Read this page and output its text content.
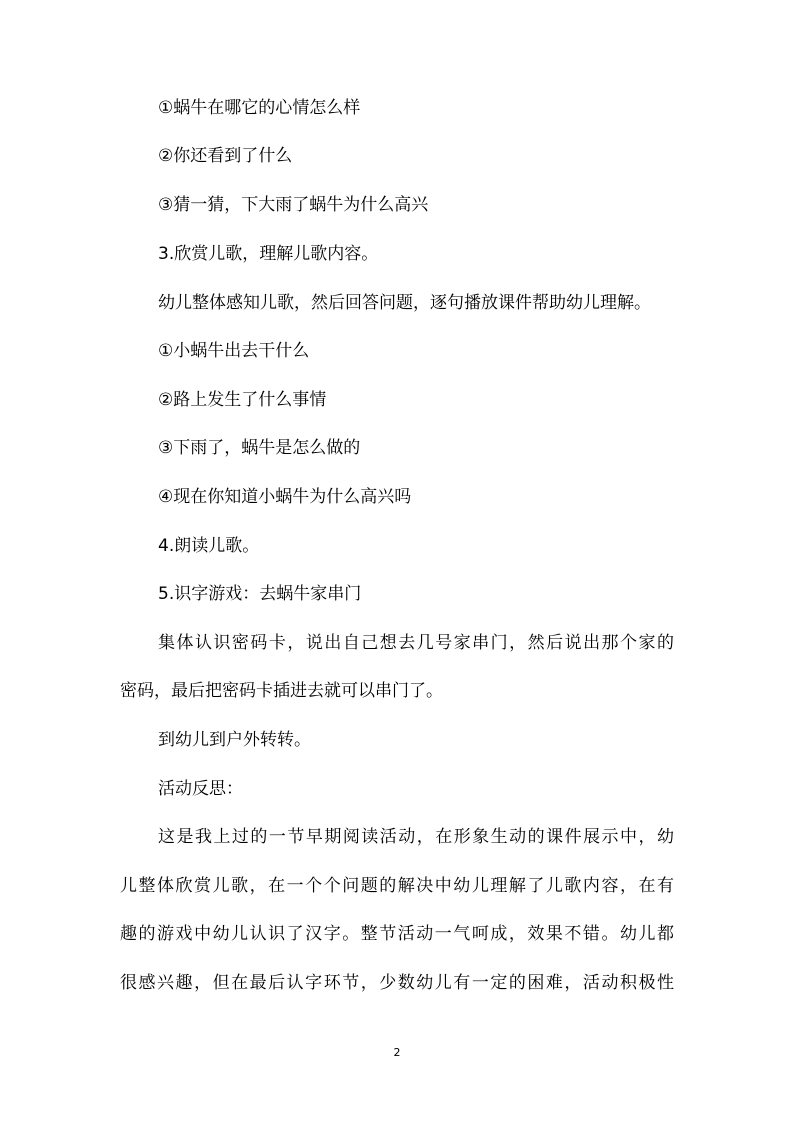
①蜗牛在哪它的心情怎么样
②你还看到了什么
③猜一猜，下大雨了蜗牛为什么高兴
3.欣赏儿歌，理解儿歌内容。
幼儿整体感知儿歌，然后回答问题，逐句播放课件帮助幼儿理解。
①小蜗牛出去干什么
②路上发生了什么事情
③下雨了，蜗牛是怎么做的
④现在你知道小蜗牛为什么高兴吗
4.朗读儿歌。
5.识字游戏：去蜗牛家串门
集体认识密码卡，说出自己想去几号家串门，然后说出那个家的
密码，最后把密码卡插进去就可以串门了。
到幼儿到户外转转。
活动反思：
这是我上过的一节早期阅读活动，在形象生动的课件展示中，幼
儿整体欣赏儿歌，在一个个问题的解决中幼儿理解了儿歌内容，在有
趣的游戏中幼儿认识了汉字。整节活动一气呵成，效果不错。幼儿都
很感兴趣，但在最后认字环节，少数幼儿有一定的困难，活动积极性
2
